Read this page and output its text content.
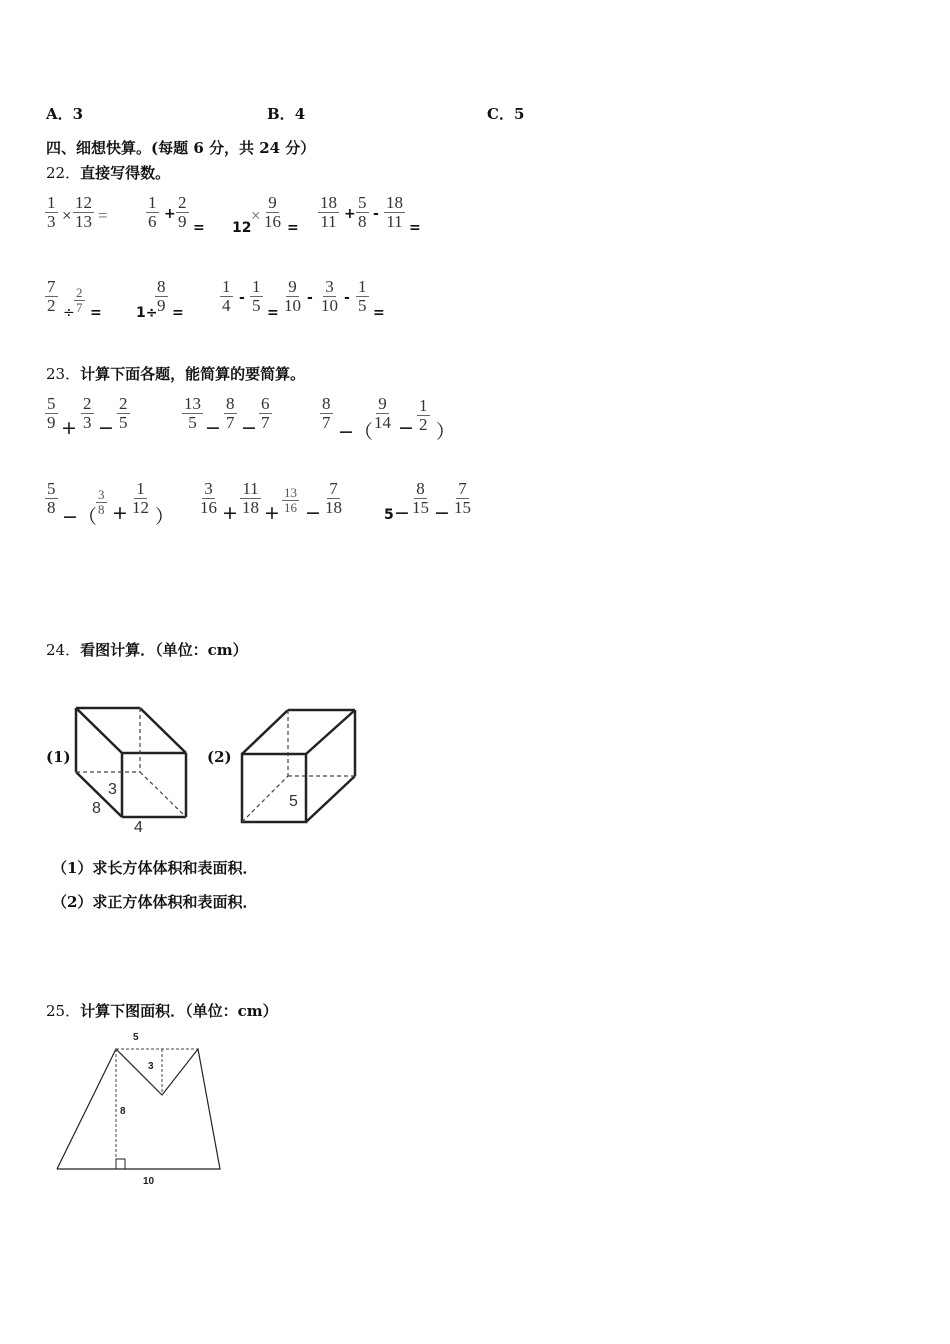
A．3	B．4	C．5
四、细想快算。(每题 6 分，共 24 分）
22．直接写得数。
$\frac{1}{3} \times \frac{12}{13} = \frac{1}{6} + \frac{2}{9} = 12$
× $\frac{9}{16} = \frac{18}{11} + \frac{5}{8} - \frac{18}{11}$ =
$\frac{7}{2} \div \frac{2}{7} = 1\div$
$\frac{8}{9} = \frac{1}{4} - \frac{1}{5} = \frac{9}{10} - \frac{3}{10} - \frac{1}{5}$ =
23．计算下面各题，能简算的要简算。
$\frac{5}{9} + \frac{2}{3} - \frac{2}{5}$	$\frac{13}{5} - \frac{8}{7} - \frac{6}{7}$	$\frac{8}{7}$
−（
$\frac{9}{14} - \frac{1}{2}$ ）
$\frac{5}{8}$
−（
$\frac{3}{8} + \frac{1}{12}$
）
$\frac{3}{16} + \frac{11}{18} + \frac{13}{16} - \frac{7}{18}$	$5 - \frac{8}{15} - \frac{7}{15}$
24．看图计算．（单位：cm）
(1)
3
8
4
(2)
5
（1）求长方体体积和表面积．
（2）求正方体体积和表面积．
25．计算下图面积．（单位：cm）
5
3
8
10
